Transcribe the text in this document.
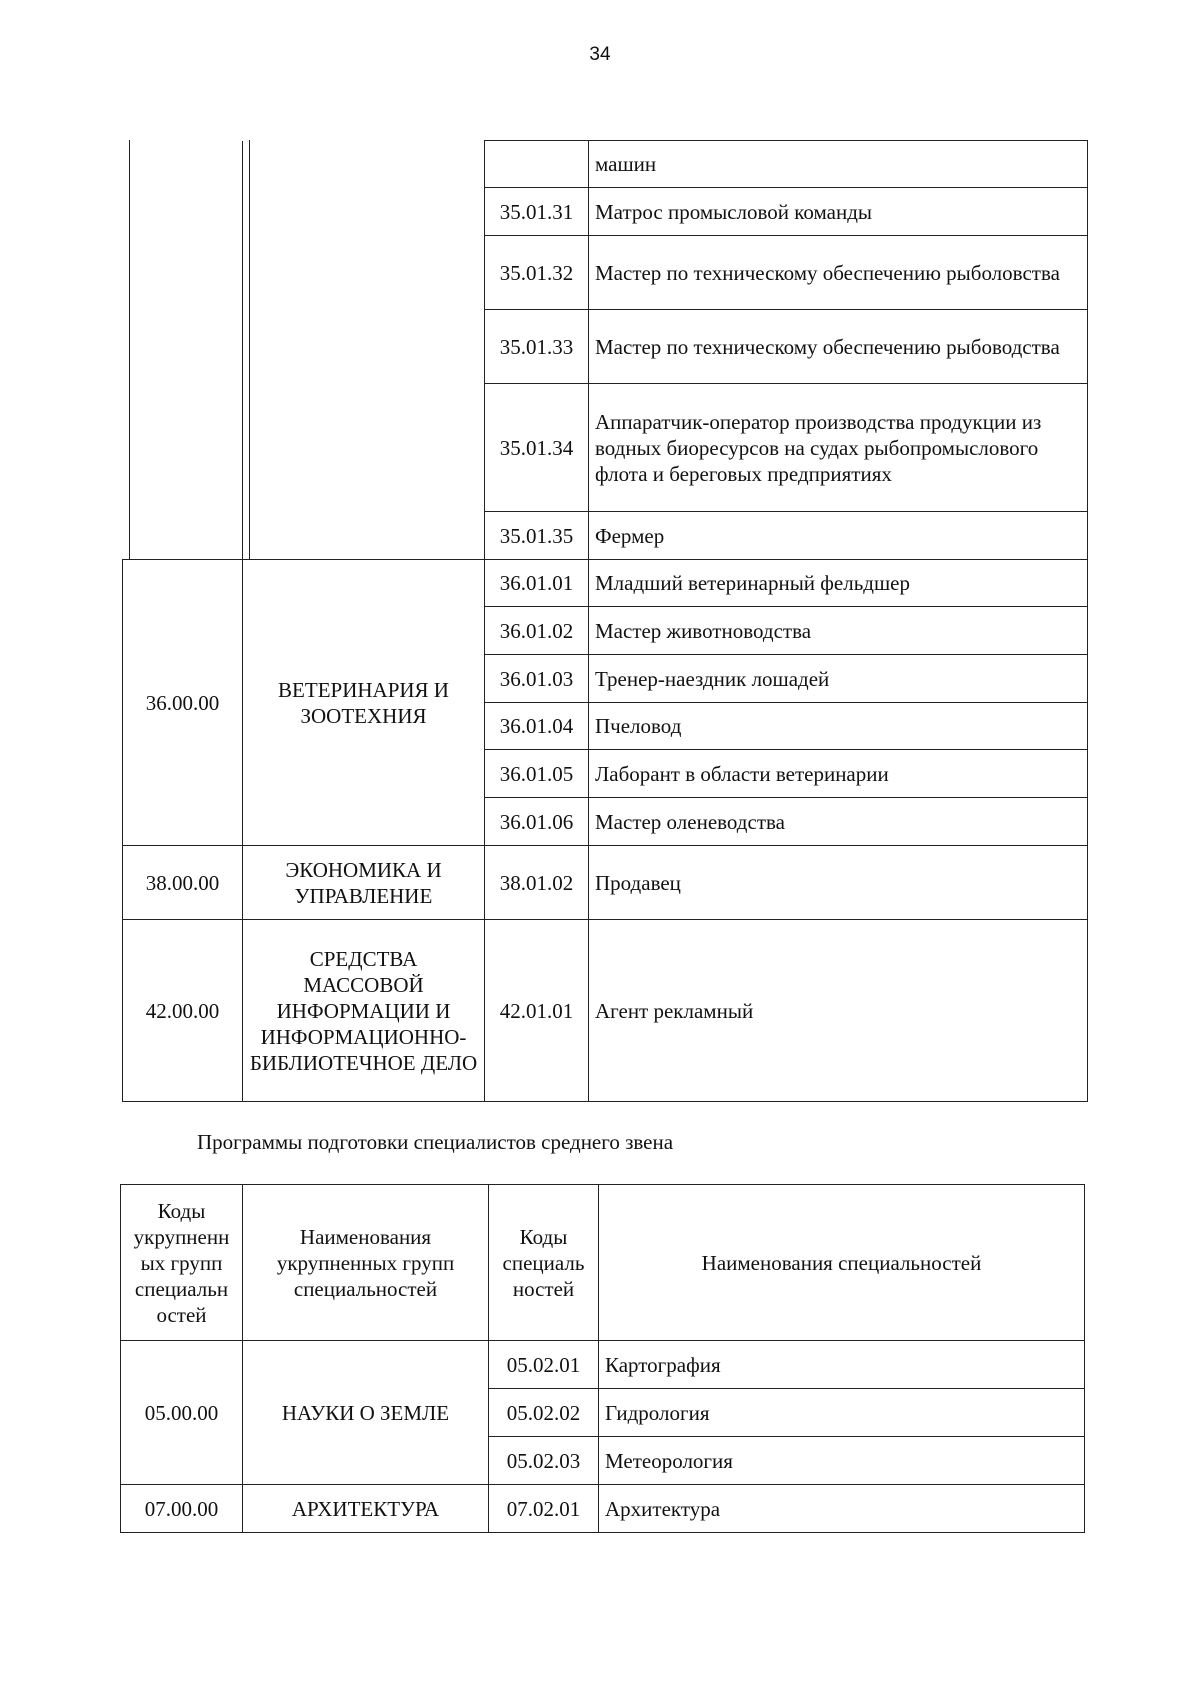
34
			машин
		35.01.31	Матрос промысловой команды
		35.01.32	Мастер по техническому обеспечению рыболовства
		35.01.33	Мастер по техническому обеспечению рыбоводства
		35.01.34	Аппаратчик-оператор производства продукции из водных биоресурсов на судах рыбопромыслового флота и береговых предприятиях
		35.01.35	Фермер
36.00.00	ВЕТЕРИНАРИЯ И ЗООТЕХНИЯ	36.01.01	Младший ветеринарный фельдшер
		36.01.02	Мастер животноводства
		36.01.03	Тренер-наездник лошадей
		36.01.04	Пчеловод
		36.01.05	Лаборант в области ветеринарии
		36.01.06	Мастер оленеводства
38.00.00	ЭКОНОМИКА И УПРАВЛЕНИЕ	38.01.02	Продавец
42.00.00	СРЕДСТВА МАССОВОЙ ИНФОРМАЦИИ И ИНФОРМАЦИОННО-БИБЛИОТЕЧНОЕ ДЕЛО	42.01.01	Агент рекламный
Программы подготовки специалистов среднего звена
Коды укрупненн ых групп специальн остей	Наименования укрупненных групп специальностей	Коды специаль ностей	Наименования специальностей
05.00.00	НАУКИ О ЗЕМЛЕ	05.02.01	Картография
		05.02.02	Гидрология
		05.02.03	Метеорология
07.00.00	АРХИТЕКТУРА	07.02.01	Архитектура
